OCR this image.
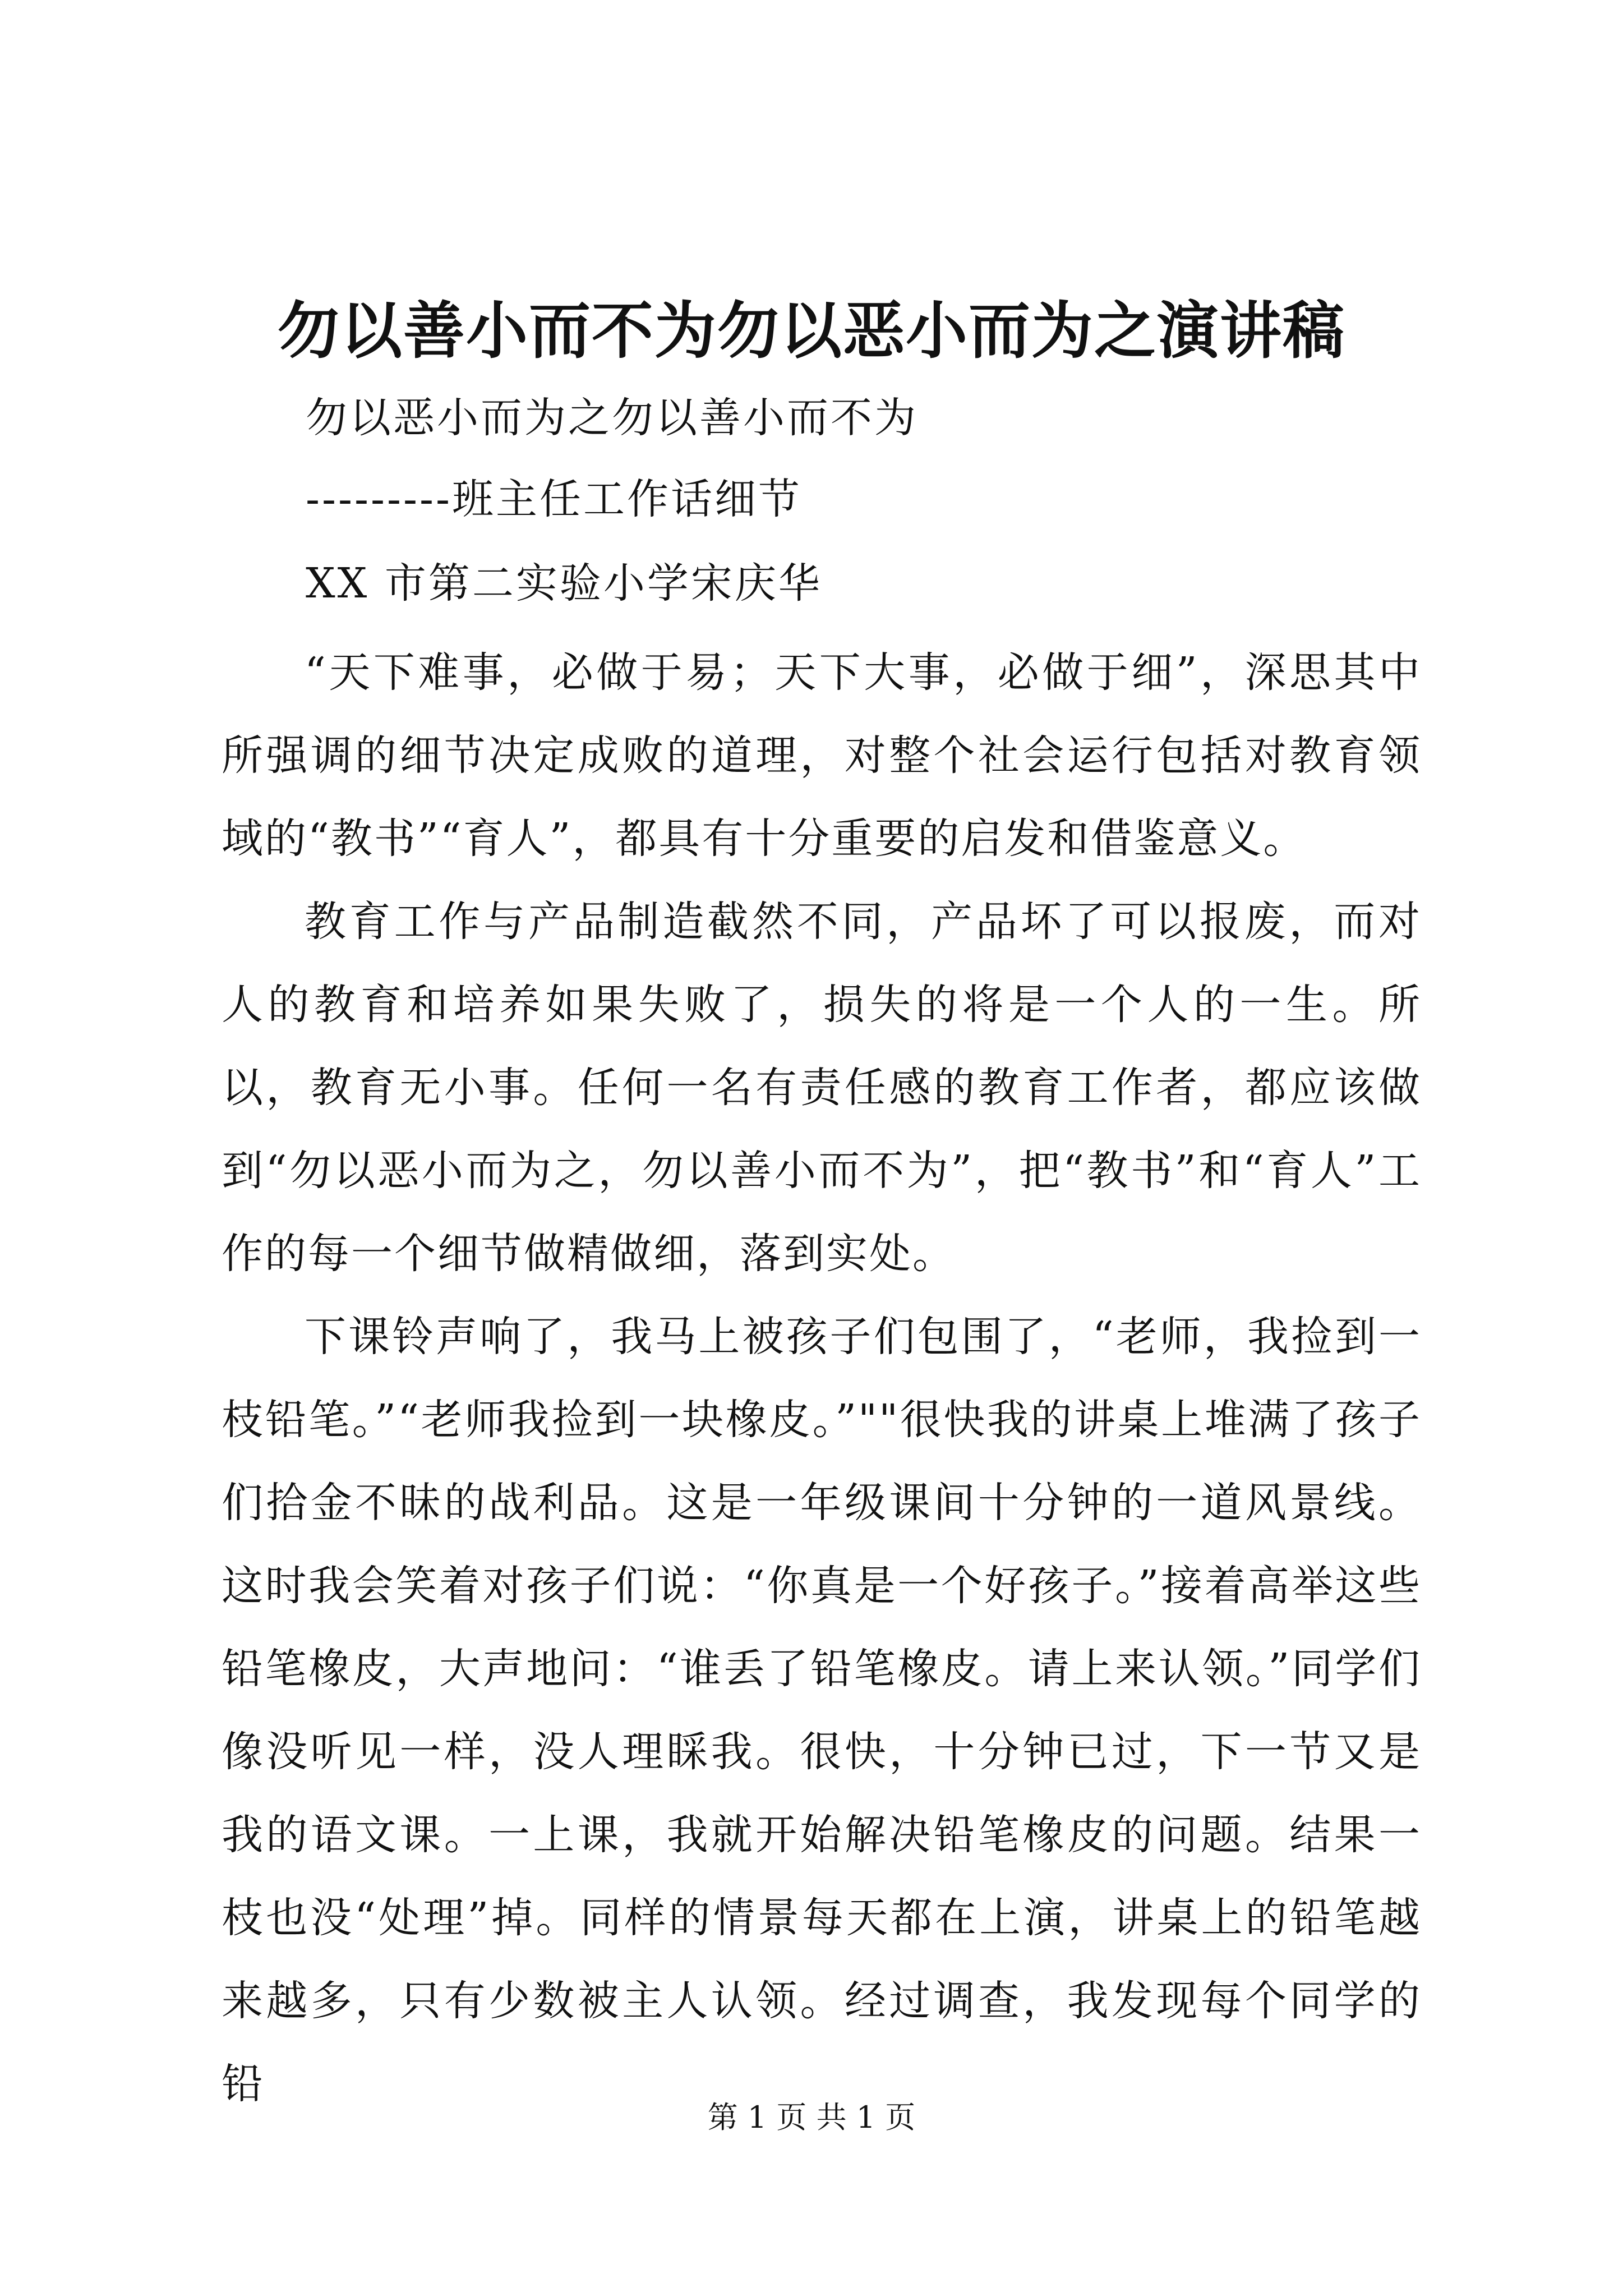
勿以善小而不为勿以恶小而为之演讲稿
勿以恶小而为之勿以善小而不为
---------班主任工作话细节
XX 市第二实验小学宋庆华

“天下难事，必做于易；天下大事，必做于细”，深思其中所强调的细节决定成败的道理，对整个社会运行包括对教育领域的“教书”“育人”，都具有十分重要的启发和借鉴意义。

教育工作与产品制造截然不同，产品坏了可以报废，而对人的教育和培养如果失败了，损失的将是一个人的一生。所以，教育无小事。任何一名有责任感的教育工作者，都应该做到“勿以恶小而为之，勿以善小而不为”，把“教书”和“育人”工作的每一个细节做精做细，落到实处。

下课铃声响了，我马上被孩子们包围了，“老师，我捡到一枝铅笔。”“老师我捡到一块橡皮。”""很快我的讲桌上堆满了孩子们拾金不昧的战利品。这是一年级课间十分钟的一道风景线。这时我会笑着对孩子们说：“你真是一个好孩子。”接着高举这些铅笔橡皮，大声地问：“谁丢了铅笔橡皮。请上来认领。”同学们像没听见一样，没人理睬我。很快，十分钟已过，下一节又是我的语文课。一上课，我就开始解决铅笔橡皮的问题。结果一枝也没“处理”掉。同样的情景每天都在上演，讲桌上的铅笔越来越多，只有少数被主人认领。经过调查，我发现每个同学的铅

第 1 页 共 1 页
